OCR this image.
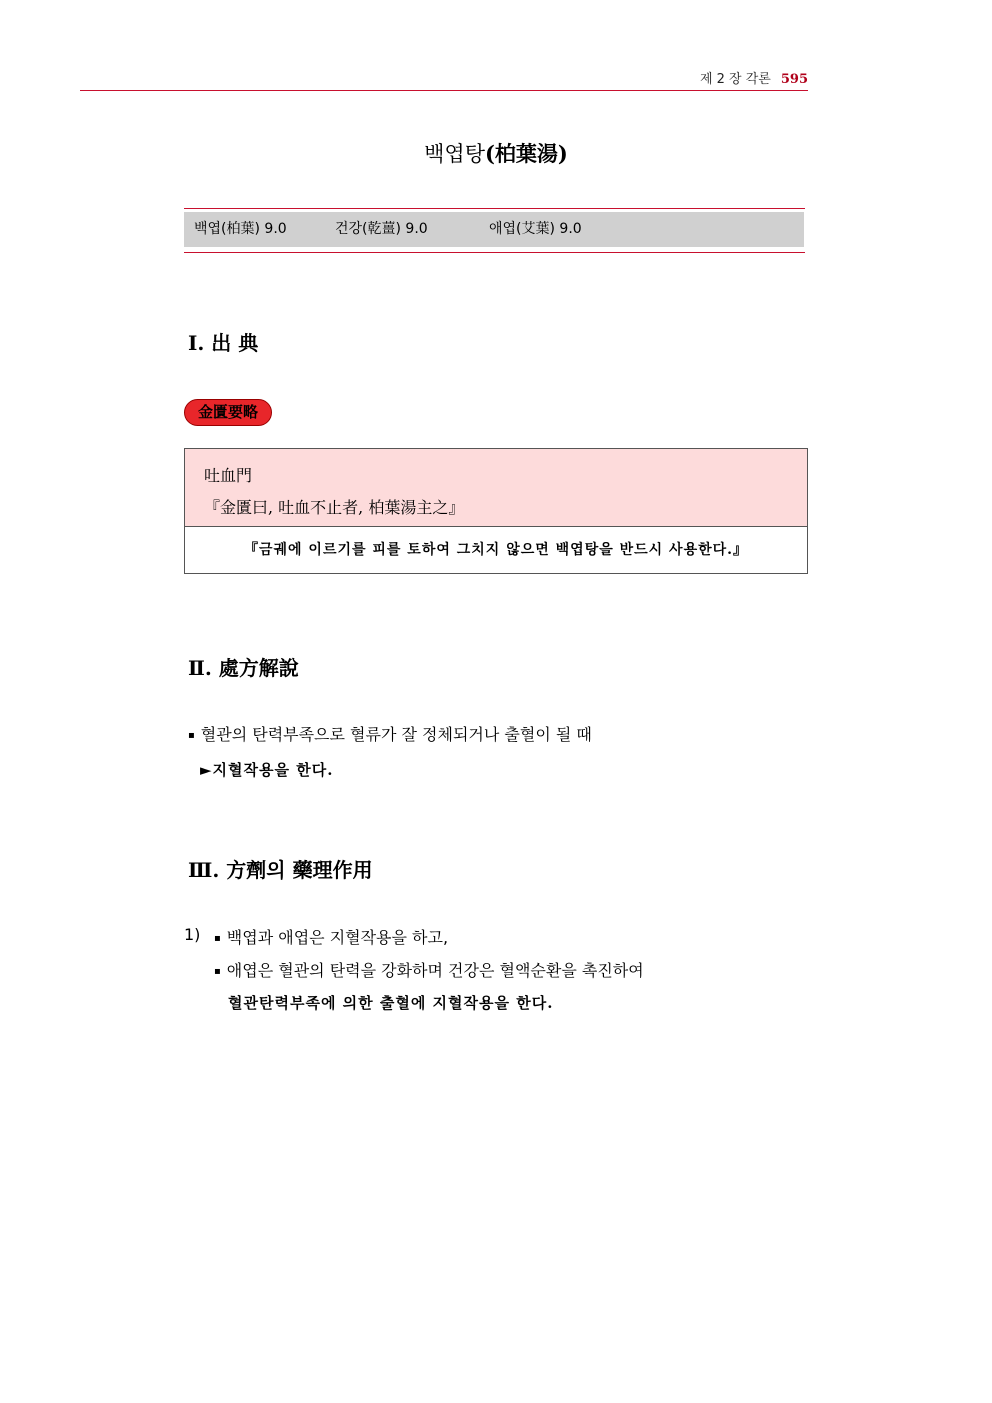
제 2 장 각론 595
백엽탕(柏葉湯)
백엽(柏葉) 9.0	건강(乾薑) 9.0	애엽(艾葉) 9.0
Ⅰ. 出 典
金匱要略
吐血門
『金匱曰, 吐血不止者, 柏葉湯主之』
『금궤에 이르기를 피를 토하여 그치지 않으면 백엽탕을 반드시 사용한다.』
Ⅱ. 處方解說
▪ 혈관의 탄력부족으로 혈류가 잘 정체되거나 출혈이 될 때
►지혈작용을 한다.
Ⅲ. 方劑의 藥理作用
1) ▪ 백엽과 애엽은 지혈작용을 하고,
▪ 애엽은 혈관의 탄력을 강화하며 건강은 혈액순환을 촉진하여
혈관탄력부족에 의한 출혈에 지혈작용을 한다.
